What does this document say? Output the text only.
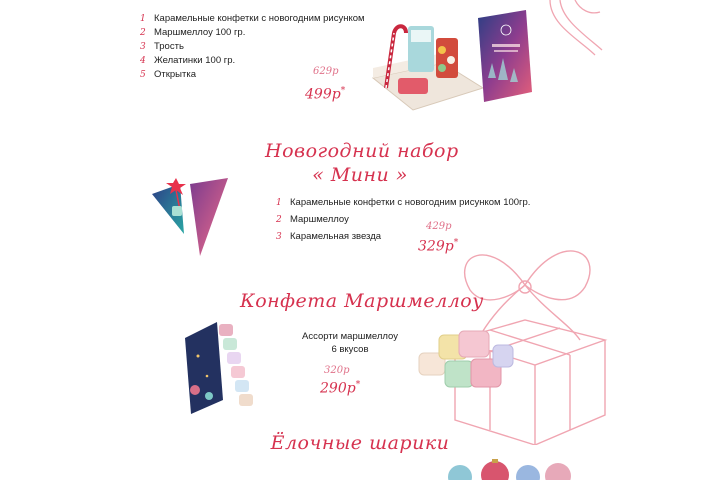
1 Карамельные конфетки с новогодним рисунком
2 Маршмеллоу 100 гр.
3 Трость
4 Желатинки 100 гр.
5 Открытка	629р
499р*
Новогодний набор
« Мини »
1 Карамельные конфетки с новогодним рисунком 100гр.
2 Маршмеллоу
3 Карамельная звезда
429р
329р*
Конфета Маршмеллоу
Ассорти маршмеллоу
6 вкусов
320р
290р*
Ёлочные шарики
